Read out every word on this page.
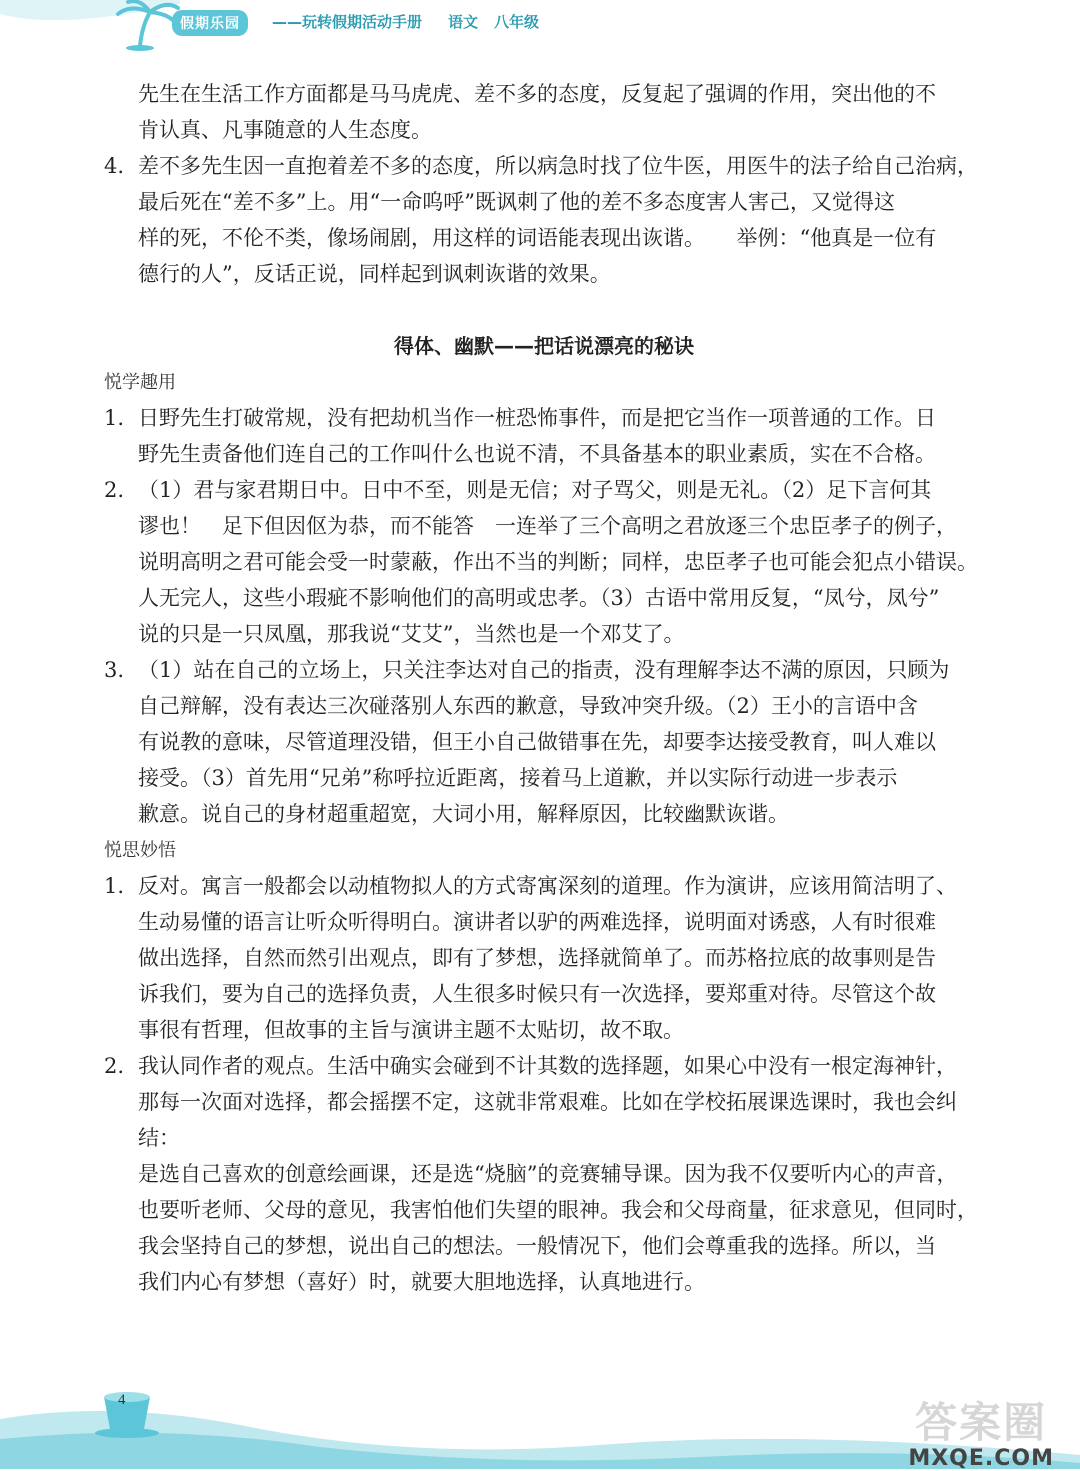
假期乐园	——玩转假期活动手册 语文 八年级

先生在生活工作方面都是马马虎虎、差不多的态度，反复起了强调的作用，突出他的不

肯认真、凡事随意的人生态度。

4. 差不多先生因一直抱着差不多的态度，所以病急时找了位牛医，用医牛的法子给自己治病，

最后死在“差不多”上。用“一命呜呼”既讽刺了他的差不多态度害人害己，又觉得这

样的死，不伦不类，像场闹剧，用这样的词语能表现出诙谐。　　举例：“他真是一位有

德行的人”，反话正说，同样起到讽刺诙谐的效果。

得体、幽默——把话说漂亮的秘诀
悦学趣用
1. 日野先生打破常规，没有把劫机当作一桩恐怖事件，而是把它当作一项普通的工作。日

野先生责备他们连自己的工作叫什么也说不清，不具备基本的职业素质，实在不合格。

2. （1）君与家君期日中。日中不至，则是无信；对子骂父，则是无礼。（2）足下言何其

谬也！　足下但因伛为恭，而不能答　一连举了三个高明之君放逐三个忠臣孝子的例子，

说明高明之君可能会受一时蒙蔽，作出不当的判断；同样，忠臣孝子也可能会犯点小错误。

人无完人，这些小瑕疵不影响他们的高明或忠孝。（3）古语中常用反复，“凤兮，凤兮”

说的只是一只凤凰，那我说“艾艾”，当然也是一个邓艾了。

3. （1）站在自己的立场上，只关注李达对自己的指责，没有理解李达不满的原因，只顾为

自己辩解，没有表达三次碰落别人东西的歉意，导致冲突升级。（2）王小的言语中含

有说教的意味，尽管道理没错，但王小自己做错事在先，却要李达接受教育，叫人难以

接受。（3）首先用“兄弟”称呼拉近距离，接着马上道歉，并以实际行动进一步表示

歉意。说自己的身材超重超宽，大词小用，解释原因，比较幽默诙谐。

悦思妙悟
1. 反对。寓言一般都会以动植物拟人的方式寄寓深刻的道理。作为演讲，应该用简洁明了、

生动易懂的语言让听众听得明白。演讲者以驴的两难选择，说明面对诱惑，人有时很难

做出选择，自然而然引出观点，即有了梦想，选择就简单了。而苏格拉底的故事则是告

诉我们，要为自己的选择负责，人生很多时候只有一次选择，要郑重对待。尽管这个故

事很有哲理，但故事的主旨与演讲主题不太贴切，故不取。

2. 我认同作者的观点。生活中确实会碰到不计其数的选择题，如果心中没有一根定海神针，

那每一次面对选择，都会摇摆不定，这就非常艰难。比如在学校拓展课选课时，我也会纠结：

是选自己喜欢的创意绘画课，还是选“烧脑”的竞赛辅导课。因为我不仅要听内心的声音，

也要听老师、父母的意见，我害怕他们失望的眼神。我会和父母商量，征求意见，但同时，

我会坚持自己的梦想，说出自己的想法。一般情况下，他们会尊重我的选择。所以，当

我们内心有梦想（喜好）时，就要大胆地选择，认真地进行。

4	答案圈
MXQE.COM
